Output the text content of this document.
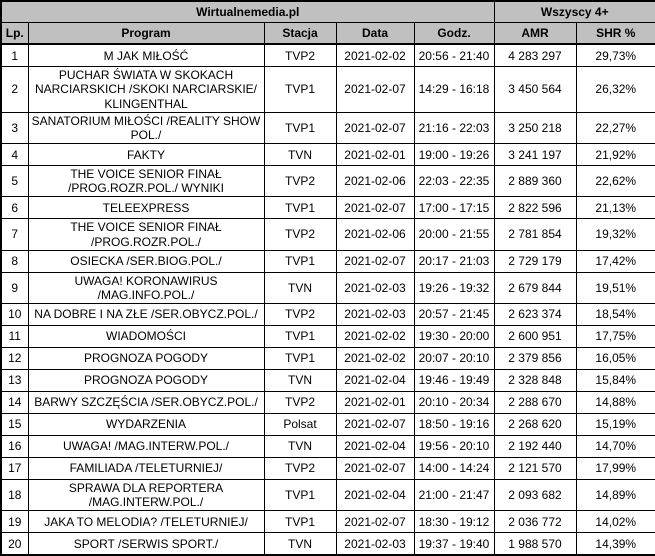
Wirtualnemedia.pl					Wszyscy 4+	
Lp.	Program	Stacja	Data	Godz.	AMR	SHR %
1	M JAK MIŁOŚĆ	TVP2	2021-02-02	20:56 - 21:40	4 283 297	29,73%
2	PUCHAR ŚWIATA W SKOKACH NARCIARSKICH /SKOKI NARCIARSKIE/ KLINGENTHAL	TVP1	2021-02-07	14:29 - 16:18	3 450 564	26,32%
3	SANATORIUM MIŁOŚCI /REALITY SHOW POL./	TVP1	2021-02-07	21:16 - 22:03	3 250 218	22,27%
4	FAKTY	TVN	2021-02-01	19:00 - 19:26	3 241 197	21,92%
5	THE VOICE SENIOR FINAŁ /PROG.ROZR.POL./ WYNIKI	TVP2	2021-02-06	22:03 - 22:35	2 889 360	22,62%
6	TELEEXPRESS	TVP1	2021-02-07	17:00 - 17:15	2 822 596	21,13%
7	THE VOICE SENIOR FINAŁ /PROG.ROZR.POL./	TVP2	2021-02-06	20:00 - 21:55	2 781 854	19,32%
8	OSIECKA /SER.BIOG.POL./	TVP1	2021-02-07	20:17 - 21:03	2 729 179	17,42%
9	UWAGA! KORONAWIRUS /MAG.INFO.POL./	TVN	2021-02-03	19:26 - 19:32	2 679 844	19,51%
10	NA DOBRE I NA ZŁE /SER.OBYCZ.POL./	TVP2	2021-02-03	20:57 - 21:45	2 623 374	18,54%
11	WIADOMOŚCI	TVP1	2021-02-02	19:30 - 20:00	2 600 951	17,75%
12	PROGNOZA POGODY	TVP1	2021-02-02	20:07 - 20:10	2 379 856	16,05%
13	PROGNOZA POGODY	TVN	2021-02-04	19:46 - 19:49	2 328 848	15,84%
14	BARWY SZCZĘŚCIA /SER.OBYCZ.POL./	TVP2	2021-02-01	20:10 - 20:34	2 288 670	14,88%
15	WYDARZENIA	Polsat	2021-02-07	18:50 - 19:16	2 268 620	15,19%
16	UWAGA! /MAG.INTERW.POL./	TVN	2021-02-04	19:56 - 20:10	2 192 440	14,70%
17	FAMILIADA /TELETURNIEJ/	TVP2	2021-02-07	14:00 - 14:24	2 121 570	17,99%
18	SPRAWA DLA REPORTERA /MAG.INTERW.POL./	TVP1	2021-02-04	21:00 - 21:47	2 093 682	14,89%
19	JAKA TO MELODIA? /TELETURNIEJ/	TVP1	2021-02-07	18:30 - 19:12	2 036 772	14,02%
20	SPORT /SERWIS SPORT./	TVN	2021-02-03	19:37 - 19:40	1 988 570	14,39%
